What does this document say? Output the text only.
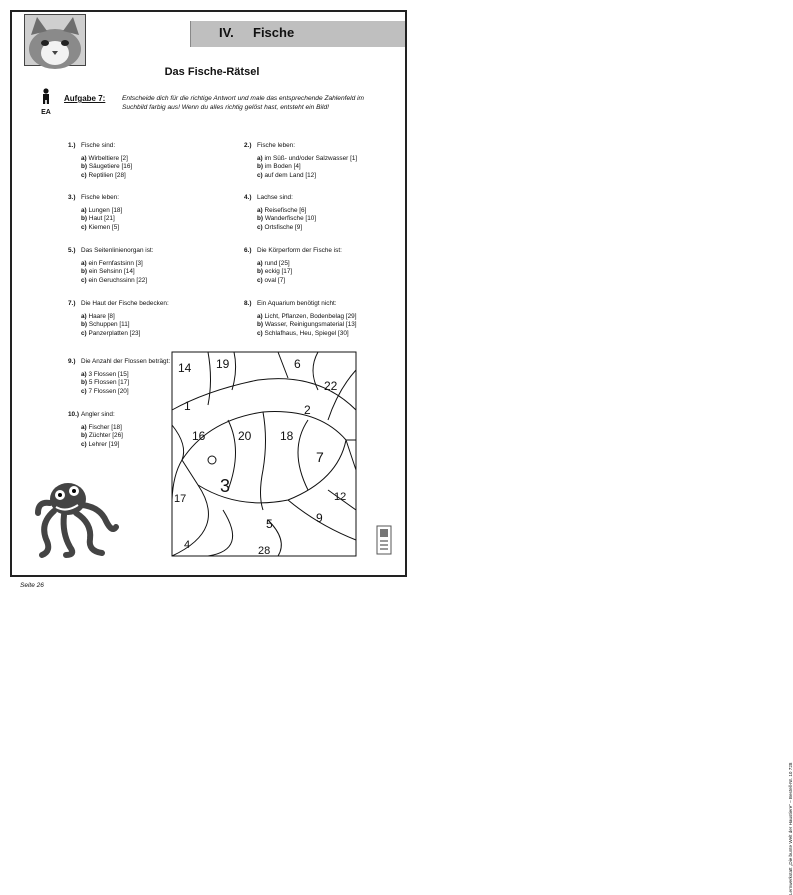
IV. Fische
Das Fische-Rätsel
EA
Aufgabe 7:	Entscheide dich für die richtige Antwort und male das entsprechende Zahlenfeld im Suchbild farbig aus! Wenn du alles richtig gelöst hast, entsteht ein Bild!
1.) Fische sind:
a) Wirbeltiere [2]
b) Säugetiere [16]
c) Reptilien [28]
2.) Fische leben:
a) im Süß- und/oder Salzwasser [1]
b) im Boden [4]
c) auf dem Land [12]
3.) Fische leben:
a) Lungen [18]
b) Haut [21]
c) Kiemen [5]
4.) Lachse sind:
a) Reisefische [6]
b) Wanderfische [10]
c) Ortsfische [9]
5.) Das Seitenlinienorgan ist:
a) ein Fernfastsinn [3]
b) ein Sehsinn [14]
c) ein Geruchssinn [22]
6.) Die Körperform der Fische ist:
a) rund [25]
b) eckig [17]
c) oval [7]
7.) Die Haut der Fische bedecken:
a) Haare [8]
b) Schuppen [11]
c) Panzerplatten [23]
8.) Ein Aquarium benötigt nicht:
a) Licht, Pflanzen, Bodenbelag [29]
b) Wasser, Reinigungsmaterial [13]
c) Schlafhaus, Heu, Spiegel [30]
9.) Die Anzahl der Flossen beträgt:
a) 3 Flossen [15]
b) 5 Flossen [17]
c) 7 Flossen [20]
10.) Angler sind:
a) Fischer [18]
b) Züchter [26]
c) Lehrer [19]
14 19	6
22
2
20 18
7
1
16
3
17	12
5	9
28
4
Lernwerkstatt „Die bunte Welt der Haustiere“ – Bestell-Nr. 10 728
Seite 26
